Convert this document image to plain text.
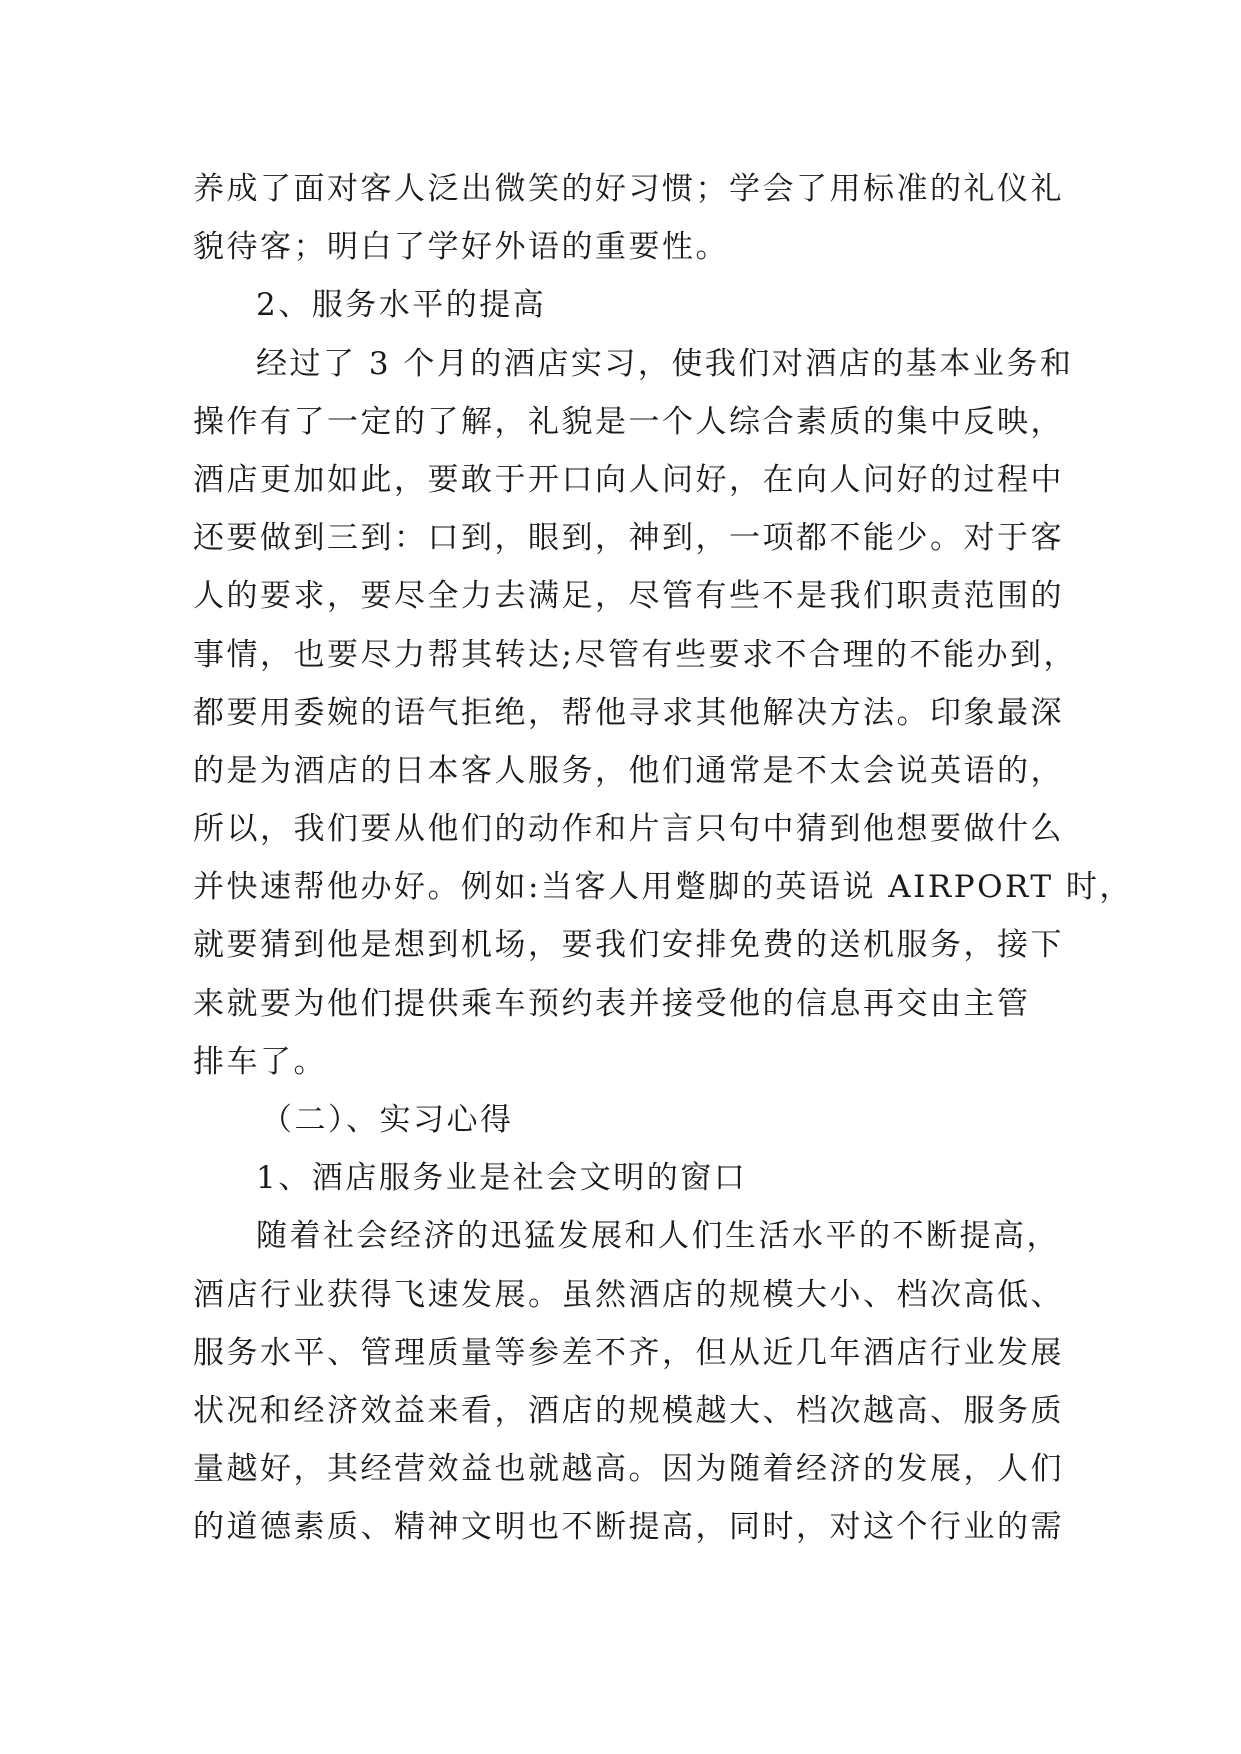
养成了面对客人泛出微笑的好习惯；学会了用标准的礼仪礼
貌待客；明白了学好外语的重要性。
2、服务水平的提高
经过了 3 个月的酒店实习，使我们对酒店的基本业务和
操作有了一定的了解，礼貌是一个人综合素质的集中反映，
酒店更加如此，要敢于开口向人问好，在向人问好的过程中
还要做到三到：口到，眼到，神到，一项都不能少。对于客
人的要求，要尽全力去满足，尽管有些不是我们职责范围的
事情，也要尽力帮其转达;尽管有些要求不合理的不能办到，
都要用委婉的语气拒绝，帮他寻求其他解决方法。印象最深
的是为酒店的日本客人服务，他们通常是不太会说英语的，
所以，我们要从他们的动作和片言只句中猜到他想要做什么
并快速帮他办好。例如:当客人用蹩脚的英语说 AIRPORT 时，
就要猜到他是想到机场，要我们安排免费的送机服务，接下
来就要为他们提供乘车预约表并接受他的信息再交由主管
排车了。
（二）、实习心得
1、酒店服务业是社会文明的窗口
随着社会经济的迅猛发展和人们生活水平的不断提高，
酒店行业获得飞速发展。虽然酒店的规模大小、档次高低、
服务水平、管理质量等参差不齐，但从近几年酒店行业发展
状况和经济效益来看，酒店的规模越大、档次越高、服务质
量越好，其经营效益也就越高。因为随着经济的发展，人们
的道德素质、精神文明也不断提高，同时，对这个行业的需
